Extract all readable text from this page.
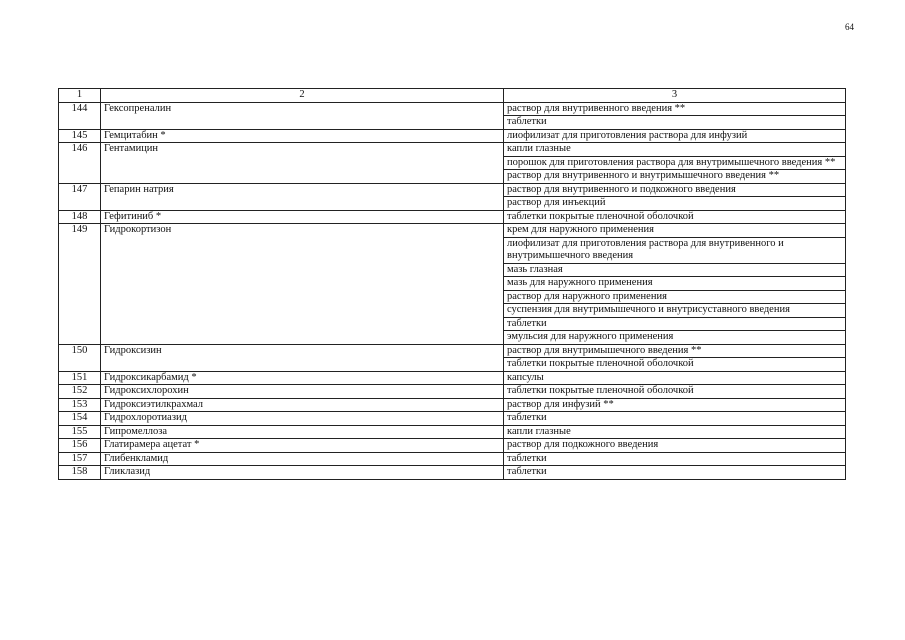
64
1	2	3
144	Гексопреналин	раствор для внутривенного введения **
		таблетки
145	Гемцитабин *	лиофилизат для приготовления раствора для инфузий
146	Гентамицин	капли глазные
		порошок для приготовления раствора для внутримышечного введения **
		раствор для внутривенного и внутримышечного введения **
147	Гепарин натрия	раствор для внутривенного и подкожного введения
		раствор для инъекций
148	Гефитиниб *	таблетки покрытые пленочной оболочкой
149	Гидрокортизон	крем для наружного применения
		лиофилизат для приготовления раствора для внутривенного и внутримышечного введения
		мазь глазная
		мазь для наружного применения
		раствор для наружного применения
		суспензия для внутримышечного и внутрисуставного введения
		таблетки
		эмульсия для наружного применения
150	Гидроксизин	раствор для внутримышечного введения **
		таблетки покрытые пленочной оболочкой
151	Гидроксикарбамид *	капсулы
152	Гидроксихлорохин	таблетки покрытые пленочной оболочкой
153	Гидроксиэтилкрахмал	раствор для инфузий **
154	Гидрохлоротиазид	таблетки
155	Гипромеллоза	капли глазные
156	Глатирамера ацетат *	раствор для подкожного введения
157	Глибенкламид	таблетки
158	Гликлазид	таблетки
